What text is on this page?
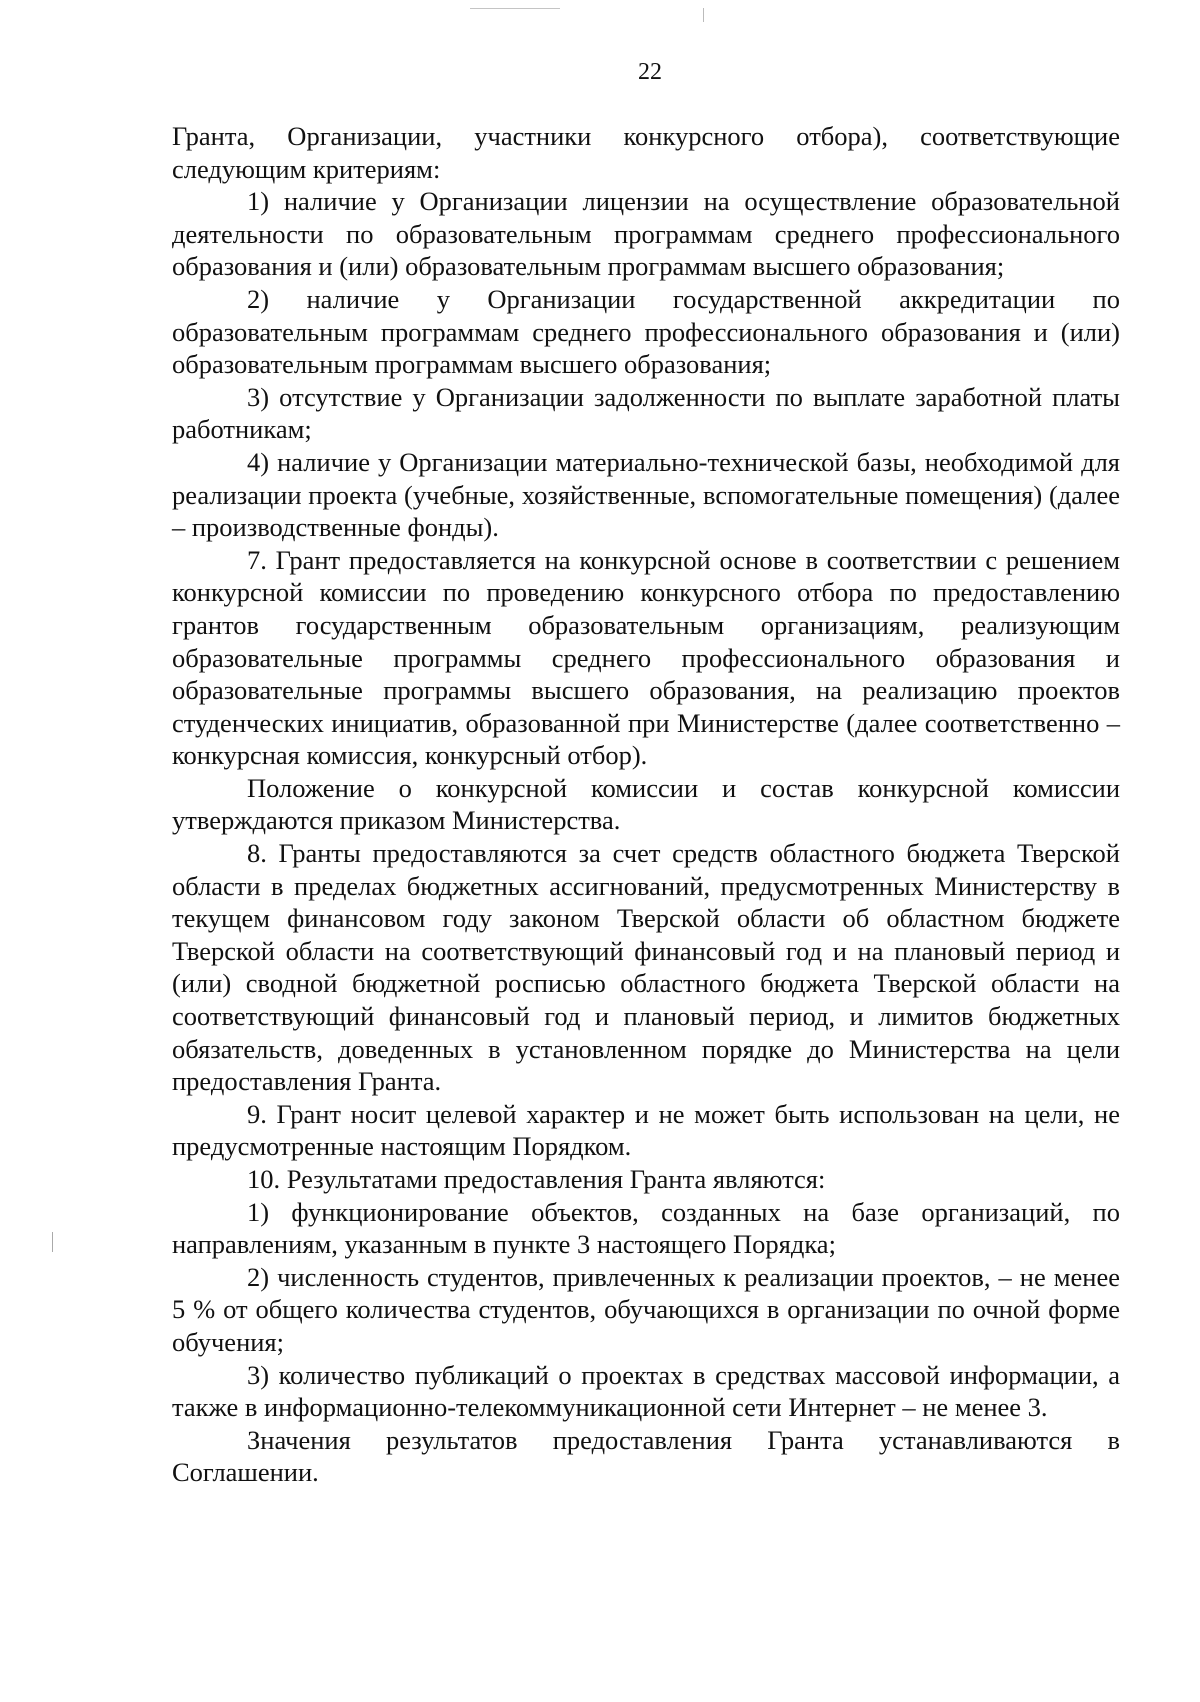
22

Гранта, Организации, участники конкурсного отбора), соответствующие следующим критериям:

1) наличие у Организации лицензии на осуществление образовательной деятельности по образовательным программам среднего профессионального образования и (или) образовательным программам высшего образования;

2) наличие у Организации государственной аккредитации по образовательным программам среднего профессионального образования и (или) образовательным программам высшего образования;

3) отсутствие у Организации задолженности по выплате заработной платы работникам;

4) наличие у Организации материально-технической базы, необходимой для реализации проекта (учебные, хозяйственные, вспомогательные помещения) (далее – производственные фонды).

7. Грант предоставляется на конкурсной основе в соответствии с решением конкурсной комиссии по проведению конкурсного отбора по предоставлению грантов государственным образовательным организациям, реализующим образовательные программы среднего профессионального образования и образовательные программы высшего образования, на реализацию проектов студенческих инициатив, образованной при Министерстве (далее соответственно – конкурсная комиссия, конкурсный отбор).

Положение о конкурсной комиссии и состав конкурсной комиссии утверждаются приказом Министерства.

8. Гранты предоставляются за счет средств областного бюджета Тверской области в пределах бюджетных ассигнований, предусмотренных Министерству в текущем финансовом году законом Тверской области об областном бюджете Тверской области на соответствующий финансовый год и на плановый период и (или) сводной бюджетной росписью областного бюджета Тверской области на соответствующий финансовый год и плановый период, и лимитов бюджетных обязательств, доведенных в установленном порядке до Министерства на цели предоставления Гранта.

9. Грант носит целевой характер и не может быть использован на цели, не предусмотренные настоящим Порядком.

10. Результатами предоставления Гранта являются:

1) функционирование объектов, созданных на базе организаций, по направлениям, указанным в пункте 3 настоящего Порядка;

2) численность студентов, привлеченных к реализации проектов, – не менее 5 % от общего количества студентов, обучающихся в организации по очной форме обучения;

3) количество публикаций о проектах в средствах массовой информации, а также в информационно-телекоммуникационной сети Интернет – не менее 3.

Значения результатов предоставления Гранта устанавливаются в Соглашении.
